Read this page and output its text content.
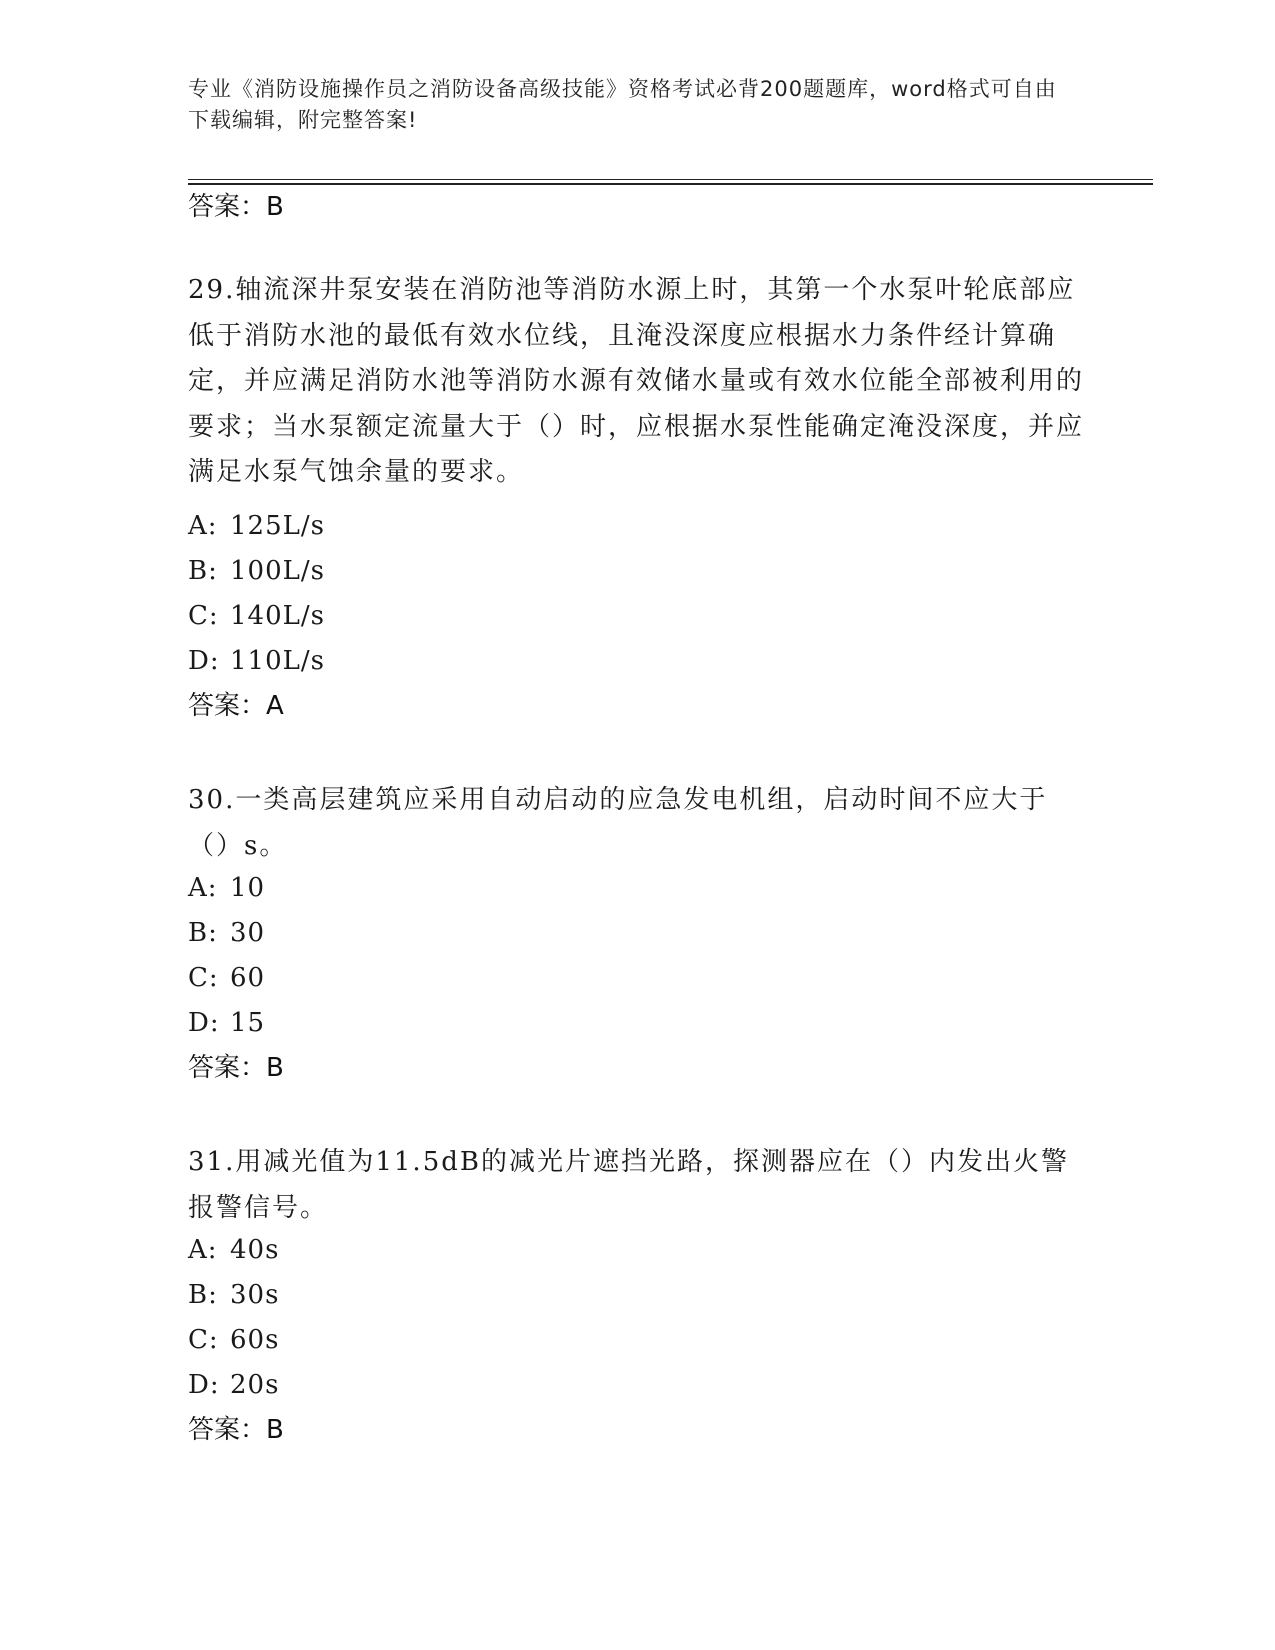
专业《消防设施操作员之消防设备高级技能》资格考试必背200题题库，word格式可自由下载编辑，附完整答案!
答案：B
29.轴流深井泵安装在消防池等消防水源上时，其第一个水泵叶轮底部应低于消防水池的最低有效水位线，且淹没深度应根据水力条件经计算确定，并应满足消防水池等消防水源有效储水量或有效水位能全部被利用的要求；当水泵额定流量大于（）时，应根据水泵性能确定淹没深度，并应满足水泵气蚀余量的要求。
A: 125L/s
B: 100L/s
C: 140L/s
D: 110L/s
答案：A
30.一类高层建筑应采用自动启动的应急发电机组，启动时间不应大于（）s。
A: 10
B: 30
C: 60
D: 15
答案：B
31.用减光值为11.5dB的减光片遮挡光路，探测器应在（）内发出火警报警信号。
A: 40s
B: 30s
C: 60s
D: 20s
答案：B
